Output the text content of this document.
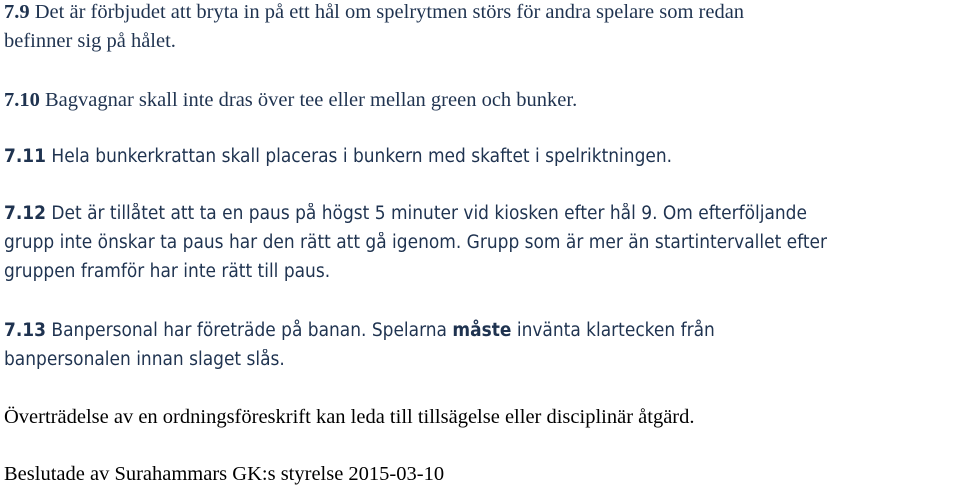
7.9 Det är förbjudet att bryta in på ett hål om spelrytmen störs för andra spelare som redan
befinner sig på hålet.
7.10 Bagvagnar skall inte dras över tee eller mellan green och bunker.
7.11 Hela bunkerkrattan skall placeras i bunkern med skaftet i spelriktningen.
7.12 Det är tillåtet att ta en paus på högst 5 minuter vid kiosken efter hål 9. Om efterföljande
grupp inte önskar ta paus har den rätt att gå igenom. Grupp som är mer än startintervallet efter
gruppen framför har inte rätt till paus.
7.13 Banpersonal har företräde på banan. Spelarna måste invänta klartecken från
banpersonalen innan slaget slås.
Överträdelse av en ordningsföreskrift kan leda till tillsägelse eller disciplinär åtgärd.
Beslutade av Surahammars GK:s styrelse 2015-03-10
